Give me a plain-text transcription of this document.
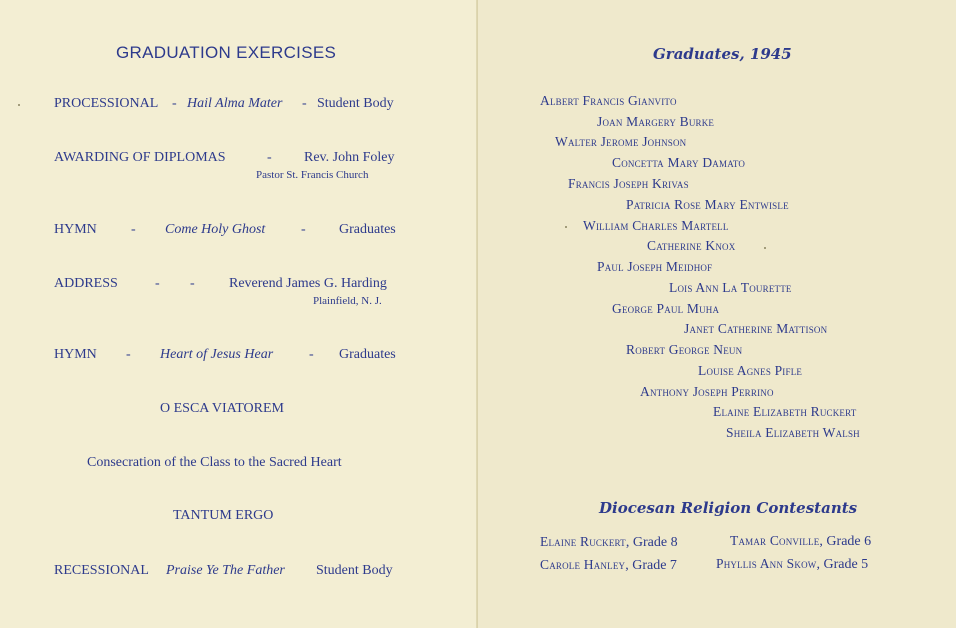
GRADUATION EXERCISES
PROCESSIONAL - Hail Alma Mater - Student Body
AWARDING OF DIPLOMAS	- Rev. John Foley
Pastor St. Francis Church
HYMN - Come Holy Ghost	- Graduates
ADDRESS	- - Reverend James G. Harding
Plainfield, N. J.
HYMN - Heart of Jesus Hear	- Graduates
O ESCA VIATOREM
Consecration of the Class to the Sacred Heart
TANTUM ERGO
RECESSIONAL Praise Ye The Father Student Body
Graduates, 1945
Albert Francis Gianvito
Joan Margery Burke
Walter Jerome Johnson
Concetta Mary Damato
Francis Joseph Krivas
Patricia Rose Mary Entwisle
William Charles Martell
Catherine Knox
Paul Joseph Meidhof
Lois Ann La Tourette
George Paul Muha
Janet Catherine Mattison
Robert George Neun
Louise Agnes Pifle
Anthony Joseph Perrino
Elaine Elizabeth Ruckert
Sheila Elizabeth Walsh
Diocesan Religion Contestants
Elaine Ruckert, Grade 8	Tamar Conville, Grade 6
Carole Hanley, Grade 7	Phyllis Ann Skow, Grade 5
